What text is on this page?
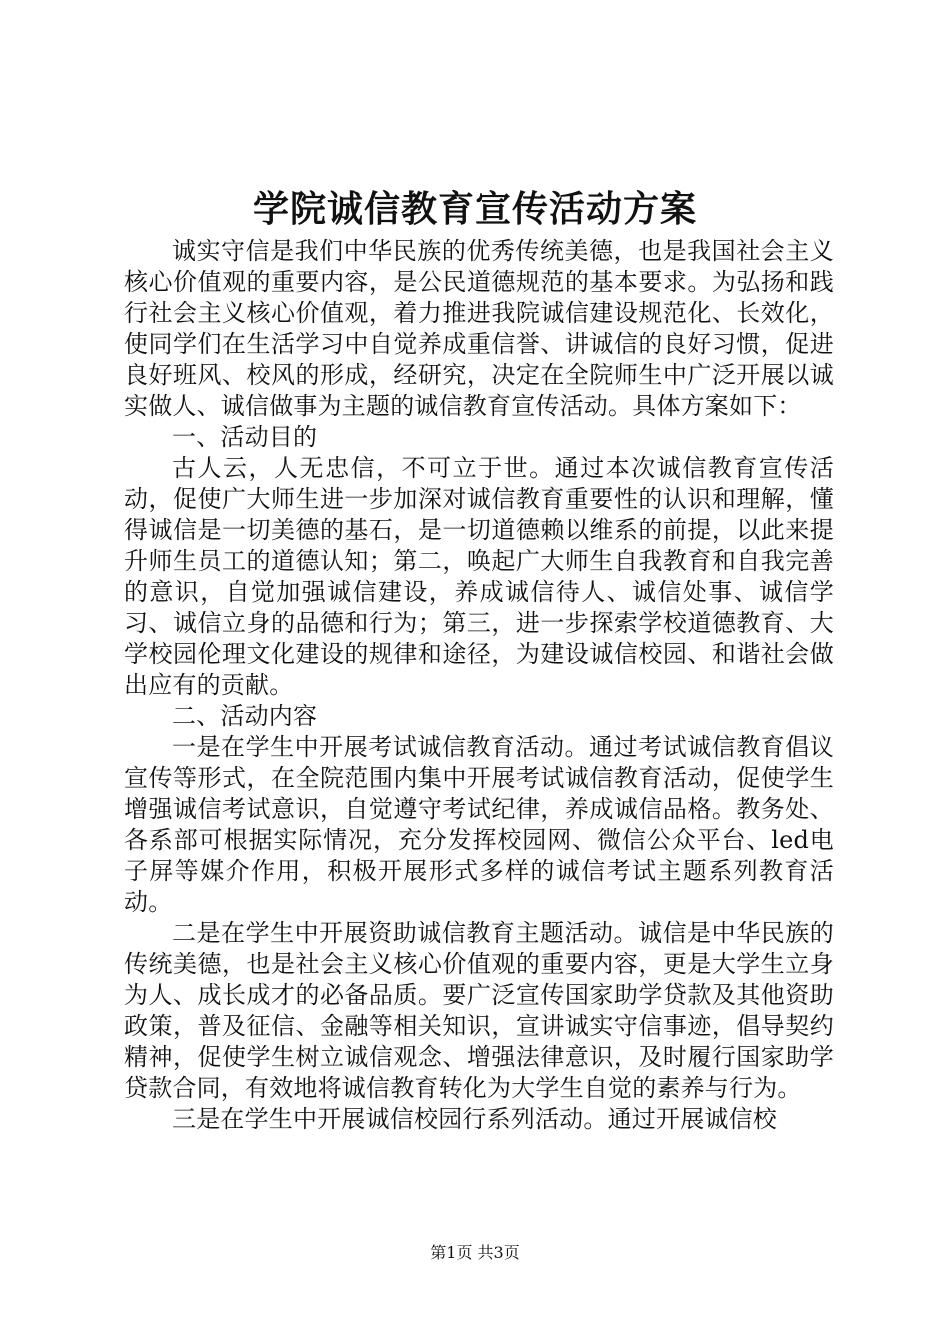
学院诚信教育宣传活动方案

诚实守信是我们中华民族的优秀传统美德，也是我国社会主义核心价值观的重要内容，是公民道德规范的基本要求。为弘扬和践行社会主义核心价值观，着力推进我院诚信建设规范化、长效化，使同学们在生活学习中自觉养成重信誉、讲诚信的良好习惯，促进良好班风、校风的形成，经研究，决定在全院师生中广泛开展以诚实做人、诚信做事为主题的诚信教育宣传活动。具体方案如下：

一、活动目的

古人云，人无忠信，不可立于世。通过本次诚信教育宣传活动，促使广大师生进一步加深对诚信教育重要性的认识和理解，懂得诚信是一切美德的基石，是一切道德赖以维系的前提，以此来提升师生员工的道德认知；第二，唤起广大师生自我教育和自我完善的意识，自觉加强诚信建设，养成诚信待人、诚信处事、诚信学习、诚信立身的品德和行为；第三，进一步探索学校道德教育、大学校园伦理文化建设的规律和途径，为建设诚信校园、和谐社会做出应有的贡献。

二、活动内容

一是在学生中开展考试诚信教育活动。通过考试诚信教育倡议宣传等形式，在全院范围内集中开展考试诚信教育活动，促使学生增强诚信考试意识，自觉遵守考试纪律，养成诚信品格。教务处、各系部可根据实际情况，充分发挥校园网、微信公众平台、led电子屏等媒介作用，积极开展形式多样的诚信考试主题系列教育活动。

二是在学生中开展资助诚信教育主题活动。诚信是中华民族的传统美德，也是社会主义核心价值观的重要内容，更是大学生立身为人、成长成才的必备品质。要广泛宣传国家助学贷款及其他资助政策，普及征信、金融等相关知识，宣讲诚实守信事迹，倡导契约精神，促使学生树立诚信观念、增强法律意识，及时履行国家助学贷款合同，有效地将诚信教育转化为大学生自觉的素养与行为。

三是在学生中开展诚信校园行系列活动。通过开展诚信校

第1页 共3页
